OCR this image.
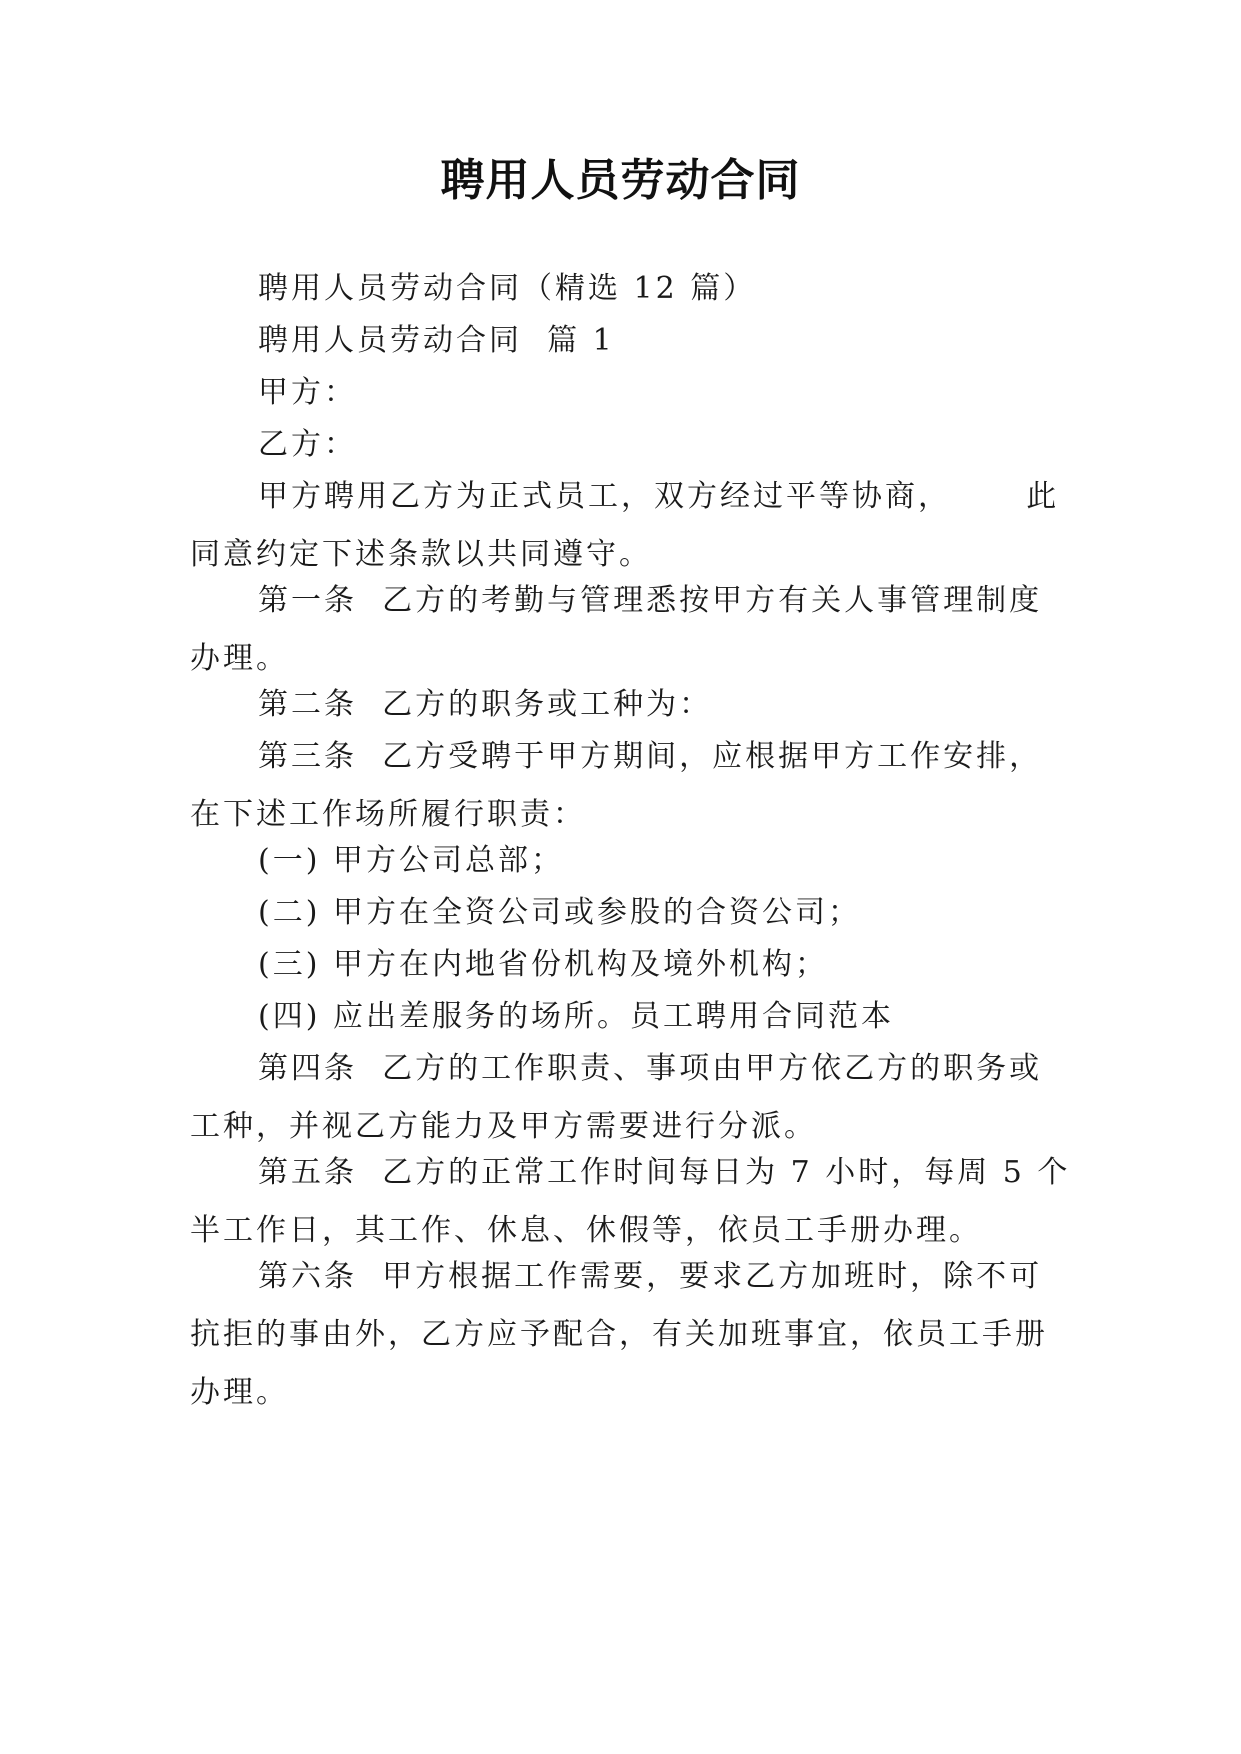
聘用人员劳动合同
聘用人员劳动合同（精选 12 篇）
聘用人员劳动合同  篇 1
甲方：
乙方：
甲方聘用乙方为正式员工，双方经过平等协商，      此
同意约定下述条款以共同遵守。
第一条  乙方的考勤与管理悉按甲方有关人事管理制度
办理。
第二条  乙方的职务或工种为：
第三条  乙方受聘于甲方期间，应根据甲方工作安排，
在下述工作场所履行职责：
(一) 甲方公司总部；
(二) 甲方在全资公司或参股的合资公司；
(三) 甲方在内地省份机构及境外机构；
(四) 应出差服务的场所。员工聘用合同范本
第四条  乙方的工作职责、事项由甲方依乙方的职务或
工种，并视乙方能力及甲方需要进行分派。
第五条  乙方的正常工作时间每日为 7 小时，每周 5 个
半工作日，其工作、休息、休假等，依员工手册办理。
第六条  甲方根据工作需要，要求乙方加班时，除不可
抗拒的事由外，乙方应予配合，有关加班事宜，依员工手册
办理。
